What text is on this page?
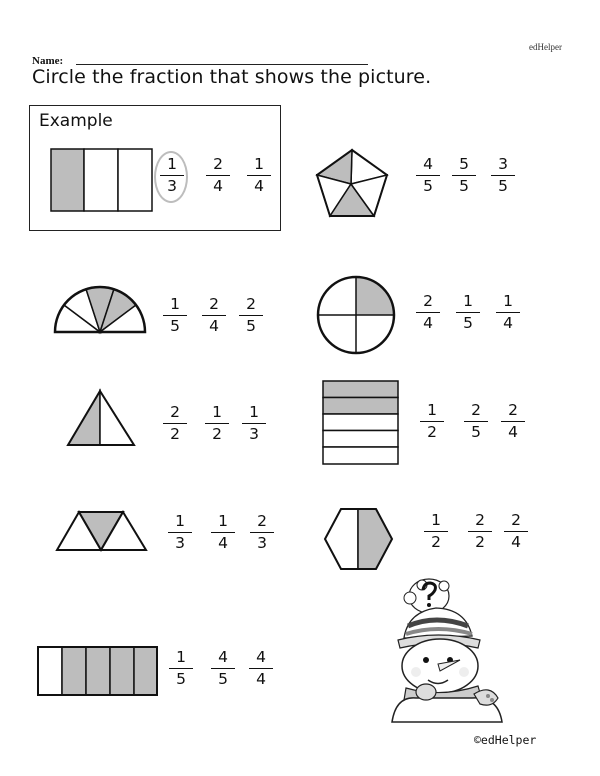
edHelper
Name:
Circle the fraction that shows the picture.
Example
1
3
2
4
1
4
4
5
5
5
3
5
1
5
2
4
2
5
2
4
1
5
1
4
2
2
1
2
1
3
1
2
2
5
2
4
1
3
1
4
2
3
1
2
2
2
2
4
1
5
4
5
4
4
©edHelper
